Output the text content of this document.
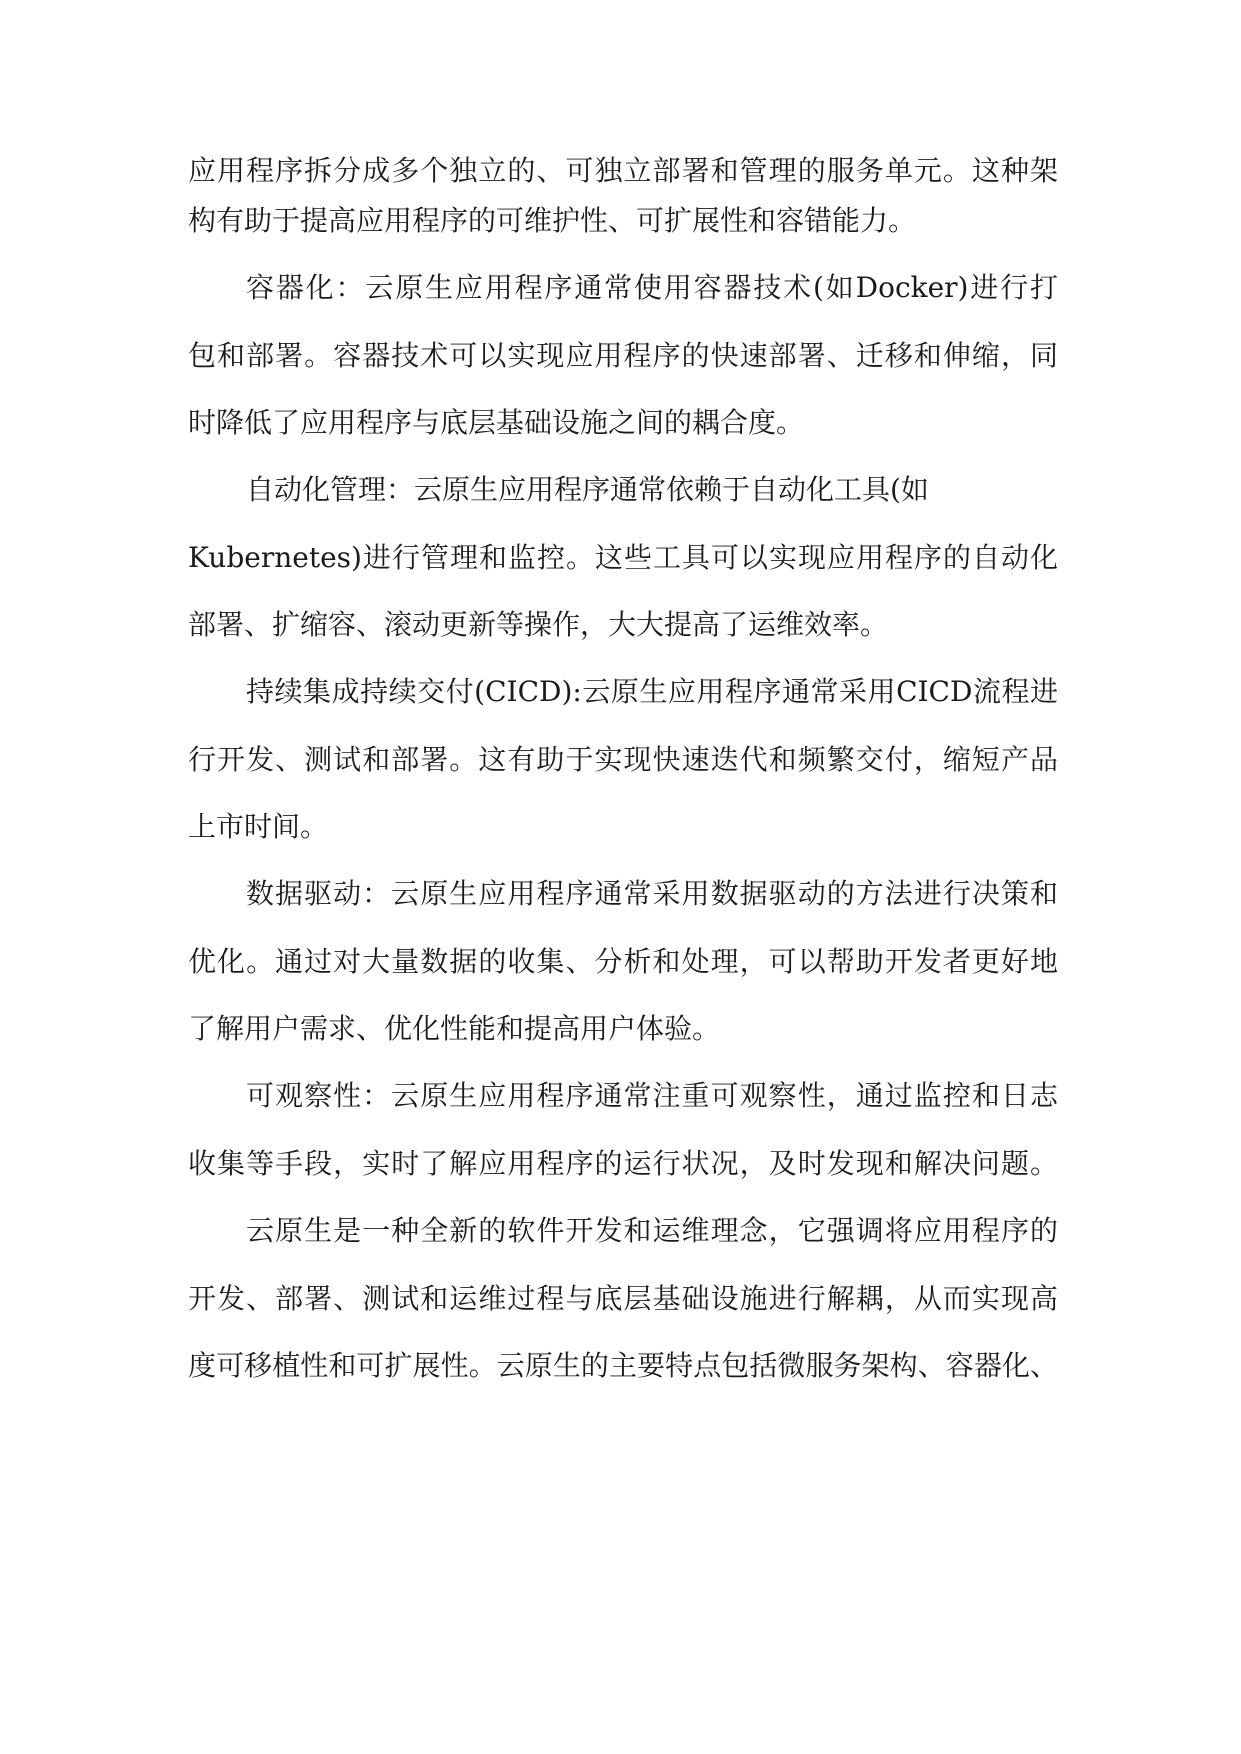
应用程序拆分成多个独立的、可独立部署和管理的服务单元。这种架
构有助于提高应用程序的可维护性、可扩展性和容错能力。
容器化：云原生应用程序通常使用容器技术(如Docker)进行打
包和部署。容器技术可以实现应用程序的快速部署、迁移和伸缩，同
时降低了应用程序与底层基础设施之间的耦合度。
自动化管理：云原生应用程序通常依赖于自动化工具(如
Kubernetes)进行管理和监控。这些工具可以实现应用程序的自动化
部署、扩缩容、滚动更新等操作，大大提高了运维效率。
持续集成持续交付(CICD):云原生应用程序通常采用CICD流程进
行开发、测试和部署。这有助于实现快速迭代和频繁交付，缩短产品
上市时间。
数据驱动：云原生应用程序通常采用数据驱动的方法进行决策和
优化。通过对大量数据的收集、分析和处理，可以帮助开发者更好地
了解用户需求、优化性能和提高用户体验。
可观察性：云原生应用程序通常注重可观察性，通过监控和日志
收集等手段，实时了解应用程序的运行状况，及时发现和解决问题。
云原生是一种全新的软件开发和运维理念，它强调将应用程序的
开发、部署、测试和运维过程与底层基础设施进行解耦，从而实现高
度可移植性和可扩展性。云原生的主要特点包括微服务架构、容器化、
